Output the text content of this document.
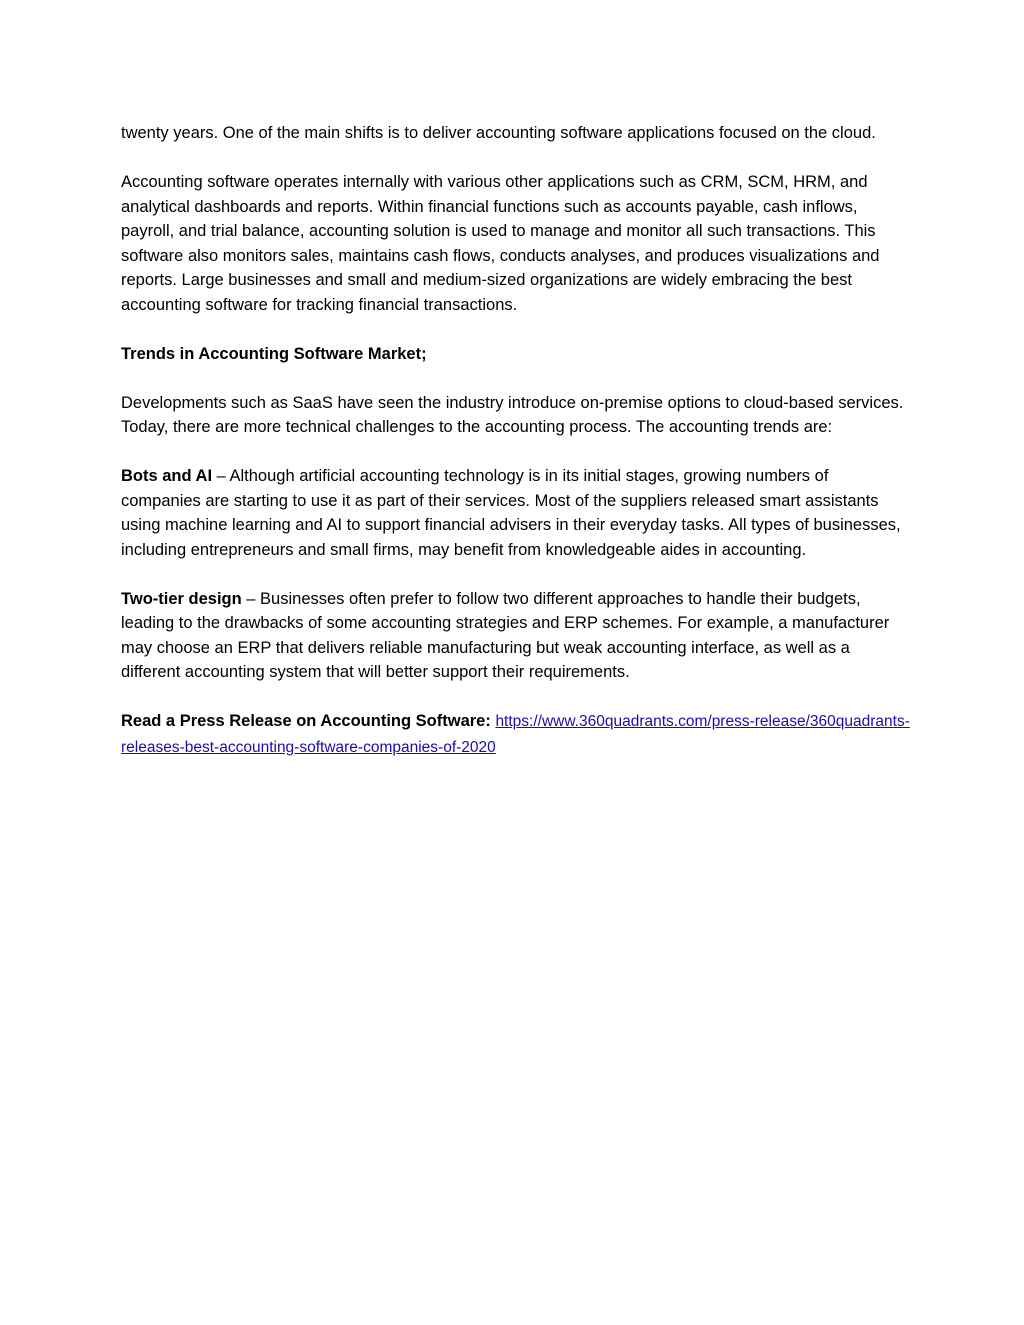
twenty years. One of the main shifts is to deliver accounting software applications focused on the cloud.

Accounting software operates internally with various other applications such as CRM, SCM, HRM, and analytical dashboards and reports. Within financial functions such as accounts payable, cash inflows, payroll, and trial balance, accounting solution is used to manage and monitor all such transactions. This software also monitors sales, maintains cash flows, conducts analyses, and produces visualizations and reports. Large businesses and small and medium-sized organizations are widely embracing the best accounting software for tracking financial transactions.

Trends in Accounting Software Market;

Developments such as SaaS have seen the industry introduce on-premise options to cloud-based services. Today, there are more technical challenges to the accounting process. The accounting trends are:

Bots and AI – Although artificial accounting technology is in its initial stages, growing numbers of companies are starting to use it as part of their services. Most of the suppliers released smart assistants using machine learning and AI to support financial advisers in their everyday tasks. All types of businesses, including entrepreneurs and small firms, may benefit from knowledgeable aides in accounting.

Two-tier design – Businesses often prefer to follow two different approaches to handle their budgets, leading to the drawbacks of some accounting strategies and ERP schemes. For example, a manufacturer may choose an ERP that delivers reliable manufacturing but weak accounting interface, as well as a different accounting system that will better support their requirements.

Read a Press Release on Accounting Software: https://www.360quadrants.com/press-release/360quadrants-releases-best-accounting-software-companies-of-2020
